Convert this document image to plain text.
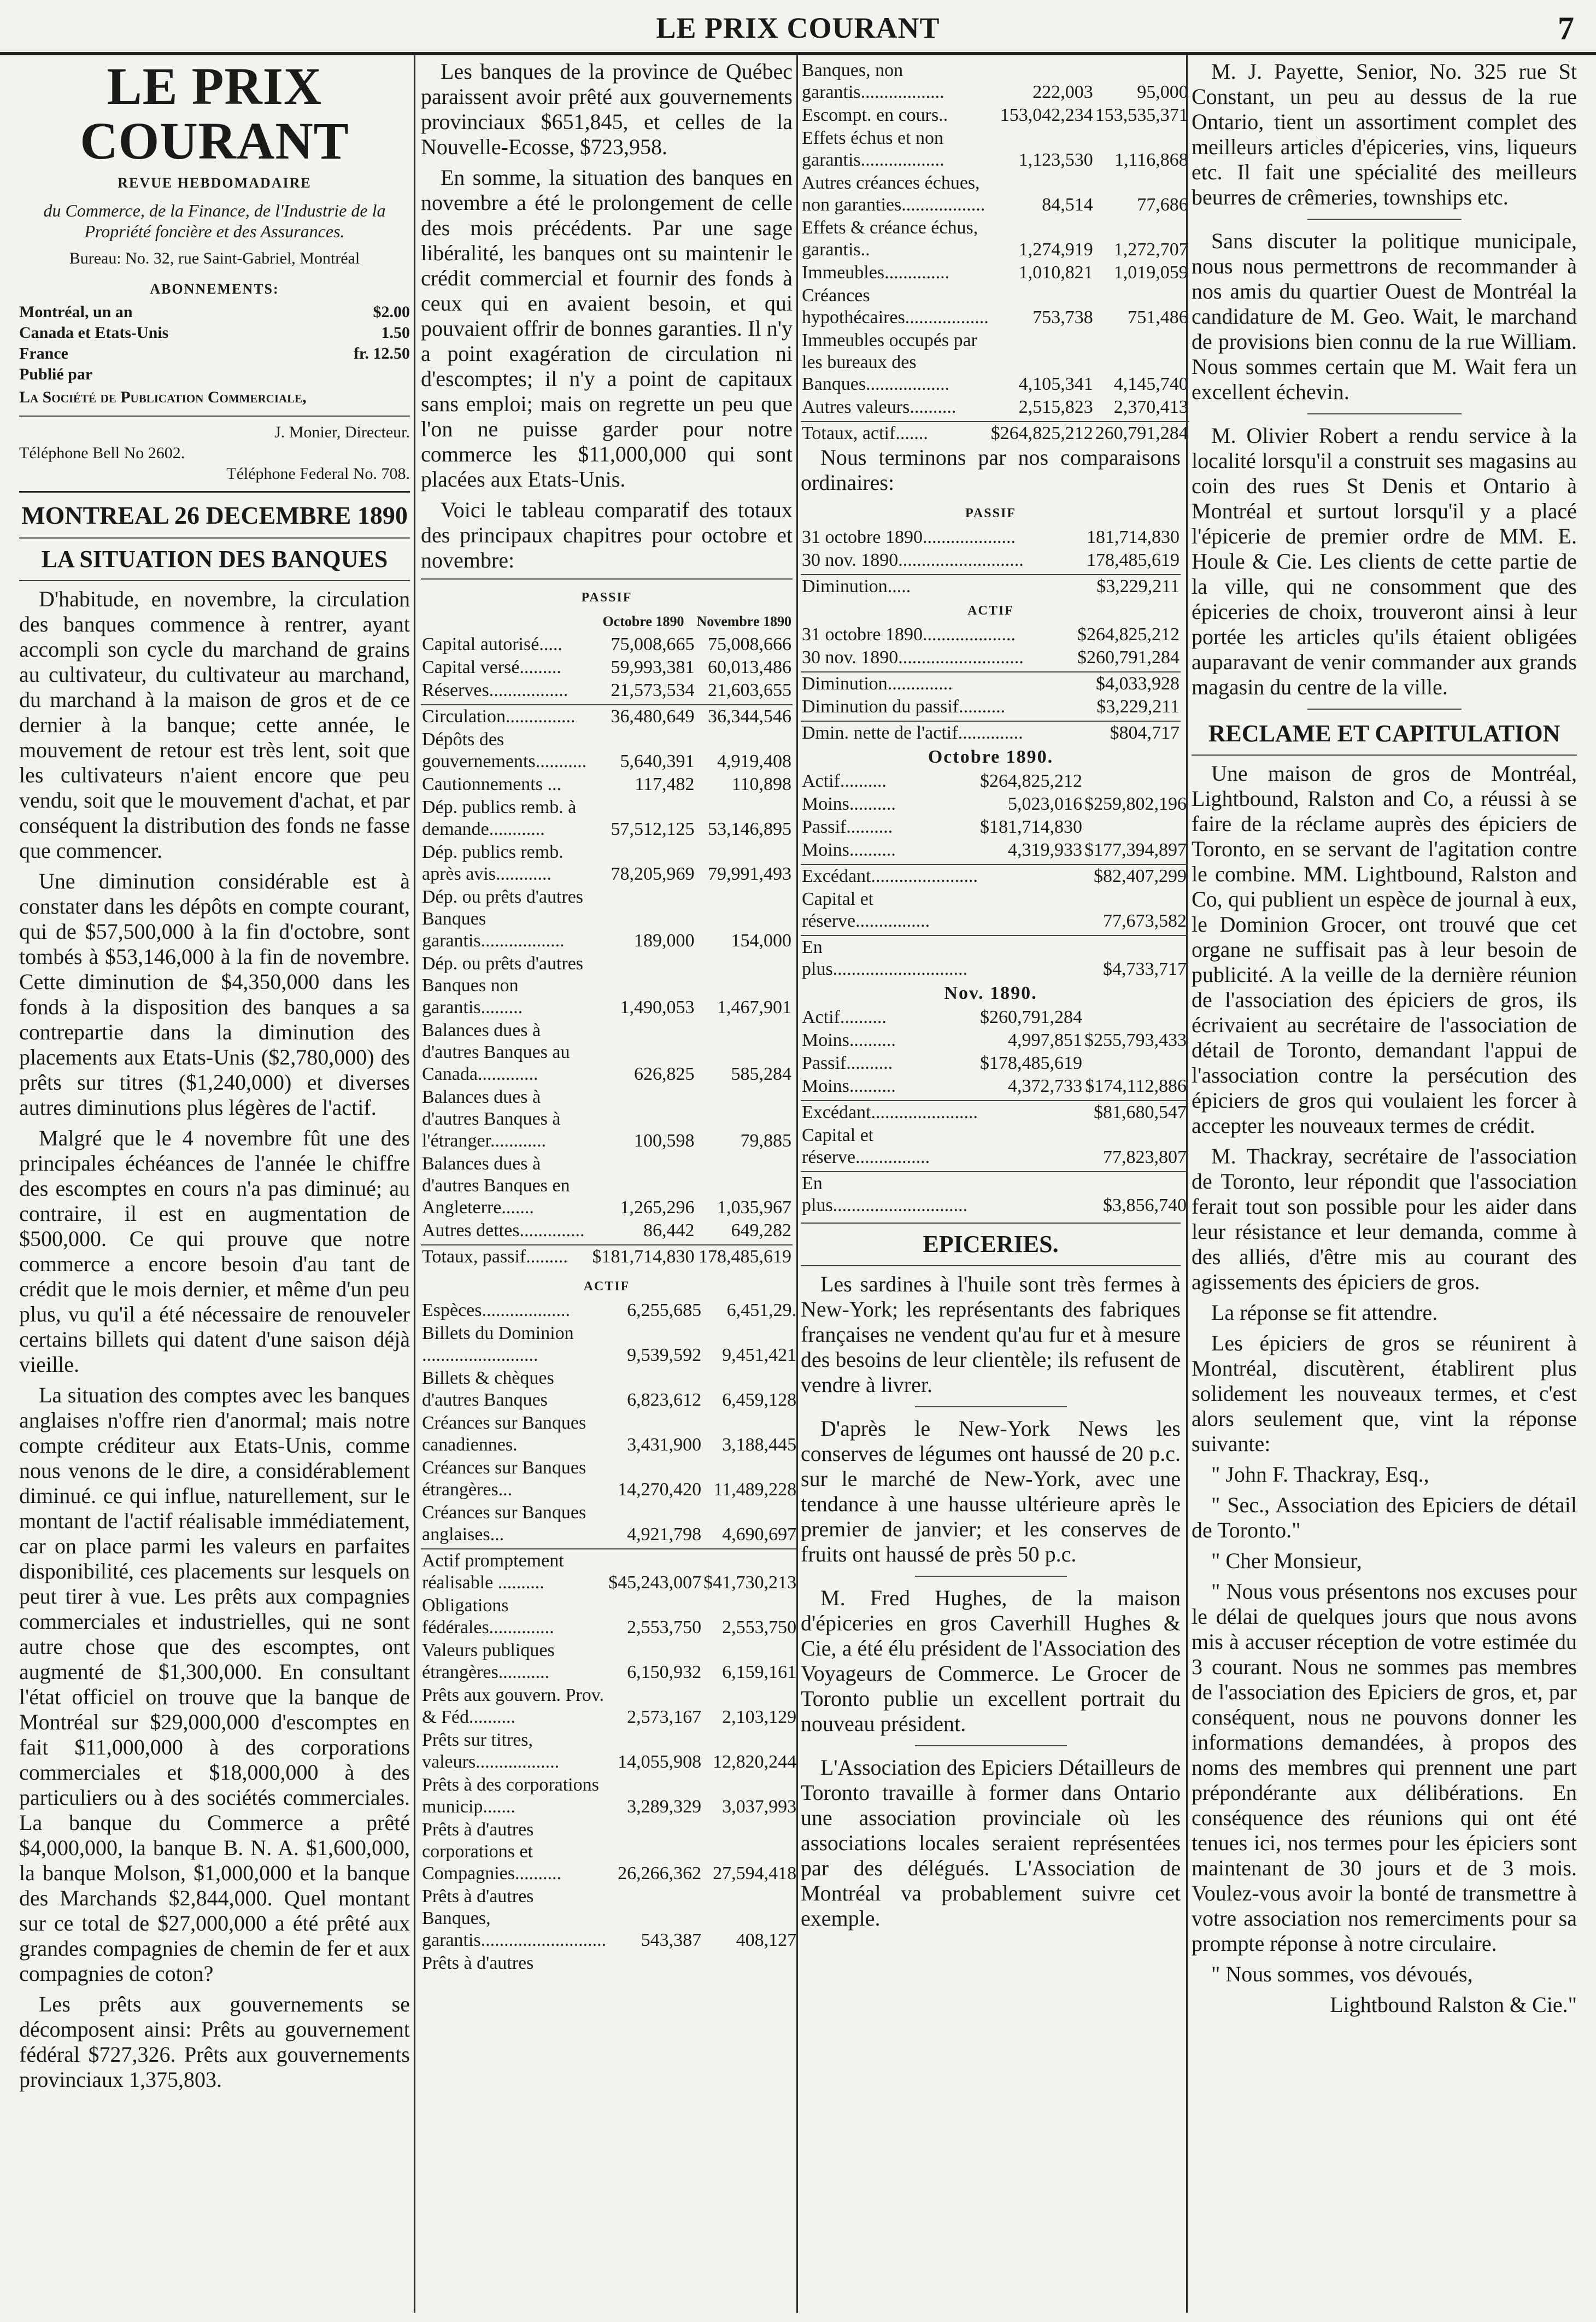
LE PRIX COURANT	7
LE PRIX COURANT
REVUE HEBDOMADAIRE
du Commerce, de la Finance, de l'Industrie de la Propriété foncière et des Assurances.
Bureau: No. 32, rue Saint-Gabriel, Montréal
ABONNEMENTS:
Montréal, un an	$2.00
Canada et Etats-Unis	1.50
France	fr. 12.50
Publié par
La Société de Publication Commerciale,
J. Monier, Directeur.
Téléphone Bell No 2602.
Téléphone Federal No. 708.
MONTREAL 26 DECEMBRE 1890
LA SITUATION DES BANQUES

D'habitude, en novembre, la circulation des banques commence à rentrer, ayant accompli son cycle du marchand de grains au cultivateur, du cultivateur au marchand, du marchand à la maison de gros et de ce dernier à la banque; cette année, le mouvement de retour est très lent, soit que les cultivateurs n'aient encore que peu vendu, soit que le mouvement d'achat, et par conséquent la distribution des fonds ne fasse que commencer.

Une diminution considérable est à constater dans les dépôts en compte courant, qui de $57,500,000 à la fin d'octobre, sont tombés à $53,146,000 à la fin de novembre. Cette diminution de $4,350,000 dans les fonds à la disposition des banques a sa contrepartie dans la diminution des placements aux Etats-Unis ($2,780,000) des prêts sur titres ($1,240,000) et diverses autres diminutions plus légères de l'actif.

Malgré que le 4 novembre fût une des principales échéances de l'année le chiffre des escomptes en cours n'a pas diminué; au contraire, il est en augmentation de $500,000. Ce qui prouve que notre commerce a encore besoin d'au tant de crédit que le mois dernier, et même d'un peu plus, vu qu'il a été nécessaire de renouveler certains billets qui datent d'une saison déjà vieille.

La situation des comptes avec les banques anglaises n'offre rien d'anormal; mais notre compte créditeur aux Etats-Unis, comme nous venons de le dire, a considérablement diminué. ce qui influe, naturellement, sur le montant de l'actif réalisable immédiatement, car on place parmi les valeurs en parfaites disponibilité, ces placements sur lesquels on peut tirer à vue. Les prêts aux compagnies commerciales et industrielles, qui ne sont autre chose que des escomptes, ont augmenté de $1,300,000. En consultant l'état officiel on trouve que la banque de Montréal sur $29,000,000 d'escomptes en fait $11,000,000 à des corporations commerciales et $18,000,000 à des particuliers ou à des sociétés commerciales. La banque du Commerce a prêté $4,000,000, la banque B. N. A. $1,600,000, la banque Molson, $1,000,000 et la banque des Marchands $2,844,000. Quel montant sur ce total de $27,000,000 a été prêté aux grandes compagnies de chemin de fer et aux compagnies de coton?

Les prêts aux gouvernements se décomposent ainsi: Prêts au gouvernement fédéral $727,326. Prêts aux gouvernements provinciaux 1,375,803.

Les banques de la province de Québec paraissent avoir prêté aux gouvernements provinciaux $651,845, et celles de la Nouvelle-Ecosse, $723,958.

En somme, la situation des banques en novembre a été le prolongement de celle des mois précédents. Par une sage libéralité, les banques ont su maintenir le crédit commercial et fournir des fonds à ceux qui en avaient besoin, et qui pouvaient offrir de bonnes garanties. Il n'y a point exagération de circulation ni d'escomptes; il n'y a point de capitaux sans emploi; mais on regrette un peu que l'on ne puisse garder pour notre commerce les $11,000,000 qui sont placées aux Etats-Unis.

Voici le tableau comparatif des totaux des principaux chapitres pour octobre et novembre:

PASSIF
	Octobre 1890	Novembre 1890
Capital autorisé.....	75,008,665	75,008,666
Capital versé.........	59,993,381	60,013,486
Réserves.................	21,573,534	21,603,655

Circulation...............	36,480,649	36,344,546
Dépôts des gouvernements...........	5,640,391	4,919,408
Cautionnements ...	117,482	110,898
Dép. publics remb. à demande............	57,512,125	53,146,895
Dép. publics remb. après avis............	78,205,969	79,991,493
Dép. ou prêts d'autres Banques garantis..................	189,000	154,000
Dép. ou prêts d'autres Banques non garantis.........	1,490,053	1,467,901
Balances dues à d'autres Banques au Canada.............	626,825	585,284
Balances dues à d'autres Banques à l'étranger............	100,598	79,885
Balances dues à d'autres Banques en Angleterre.......	1,265,296	1,035,967
Autres dettes..............	86,442	649,282

Totaux, passif.........	$181,714,830	178,485,619
ACTIF
Espèces...................	6,255,685	6,451,29.
Billets du Dominion .........................	9,539,592	9,451,421
Billets & chèques d'autres Banques	6,823,612	6,459,128
Créances sur Banques canadiennes.	3,431,900	3,188,445
Créances sur Banques étrangères...	14,270,420	11,489,228
Créances sur Banques anglaises...	4,921,798	4,690,697

Actif promptement réalisable ..........	$45,243,007	$41,730,213
Obligations fédérales..............	2,553,750	2,553,750
Valeurs publiques étrangères...........	6,150,932	6,159,161
Prêts aux gouvern. Prov. & Féd..........	2,573,167	2,103,129
Prêts sur titres, valeurs..................	14,055,908	12,820,244
Prêts à des corporations municip.......	3,289,329	3,037,993
Prêts à d'autres corporations et Compagnies..........	26,266,362	27,594,418
Prêts à d'autres Banques, garantis...........................	543,387	408,127
Prêts à d'autres		
Banques, non garantis..................	222,003	95,000
Escompt. en cours..	153,042,234	153,535,371
Effets échus et non garantis..................	1,123,530	1,116,868
Autres créances échues, non garanties..................	84,514	77,686
Effets & créance échus, garantis..	1,274,919	1,272,707
Immeubles..............	1,010,821	1,019,059
Créances hypothécaires..................	753,738	751,486
Immeubles occupés par les bureaux des Banques..................	4,105,341	4,145,740
Autres valeurs..........	2,515,823	2,370,413

Totaux, actif.......	$264,825,212	260,791,284

Nous terminons par nos comparaisons ordinaires:

PASSIF
31 octobre 1890....................	181,714,830
30 nov. 1890...........................	178,485,619

Diminution.....	$3,229,211
ACTIF
31 octobre 1890....................	$264,825,212
30 nov. 1890...........................	$260,791,284

Diminution..............	$4,033,928
Diminution du passif..........	$3,229,211

Dmin. nette de l'actif..............	$804,717
Octobre 1890.
Actif..........	$264,825,212	
Moins..........	5,023,016	$259,802,196
Passif..........	$181,714,830	
Moins..........	4,319,933	$177,394,897

Excédant.......................		$82,407,299
Capital et réserve................		77,673,582

En plus.............................		$4,733,717
Nov. 1890.
Actif..........	$260,791,284	
Moins..........	4,997,851	$255,793,433
Passif..........	$178,485,619	
Moins..........	4,372,733	$174,112,886

Excédant.......................		$81,680,547
Capital et réserve................		77,823,807

En plus.............................		$3,856,740
EPICERIES.

Les sardines à l'huile sont très fermes à New-York; les représentants des fabriques françaises ne vendent qu'au fur et à mesure des besoins de leur clientèle; ils refusent de vendre à livrer.

D'après le New-York News les conserves de légumes ont haussé de 20 p.c. sur le marché de New-York, avec une tendance à une hausse ultérieure après le premier de janvier; et les conserves de fruits ont haussé de près 50 p.c.

M. Fred Hughes, de la maison d'épiceries en gros Caverhill Hughes & Cie, a été élu président de l'Association des Voyageurs de Commerce. Le Grocer de Toronto publie un excellent portrait du nouveau président.

L'Association des Epiciers Détailleurs de Toronto travaille à former dans Ontario une association provinciale où les associations locales seraient représentées par des délégués. L'Association de Montréal va probablement suivre cet exemple.

M. J. Payette, Senior, No. 325 rue St Constant, un peu au dessus de la rue Ontario, tient un assortiment complet des meilleurs articles d'épiceries, vins, liqueurs etc. Il fait une spécialité des meilleurs beurres de crêmeries, townships etc.

Sans discuter la politique municipale, nous nous permettrons de recommander à nos amis du quartier Ouest de Montréal la candidature de M. Geo. Wait, le marchand de provisions bien connu de la rue William. Nous sommes certain que M. Wait fera un excellent échevin.

M. Olivier Robert a rendu service à la localité lorsqu'il a construit ses magasins au coin des rues St Denis et Ontario à Montréal et surtout lorsqu'il y a placé l'épicerie de premier ordre de MM. E. Houle & Cie. Les clients de cette partie de la ville, qui ne consomment que des épiceries de choix, trouveront ainsi à leur portée les articles qu'ils étaient obligées auparavant de venir commander aux grands magasin du centre de la ville.

RECLAME ET CAPITULATION

Une maison de gros de Montréal, Lightbound, Ralston and Co, a réussi à se faire de la réclame auprès des épiciers de Toronto, en se servant de l'agitation contre le combine. MM. Lightbound, Ralston and Co, qui publient un espèce de journal à eux, le Dominion Grocer, ont trouvé que cet organe ne suffisait pas à leur besoin de publicité. A la veille de la dernière réunion de l'association des épiciers de gros, ils écrivaient au secrétaire de l'association de détail de Toronto, demandant l'appui de l'association contre la persécution des épiciers de gros qui voulaient les forcer à accepter les nouveaux termes de crédit.

M. Thackray, secrétaire de l'association de Toronto, leur répondit que l'association ferait tout son possible pour les aider dans leur résistance et leur demanda, comme à des alliés, d'être mis au courant des agissements des épiciers de gros.

La réponse se fit attendre.

Les épiciers de gros se réunirent à Montréal, discutèrent, établirent plus solidement les nouveaux termes, et c'est alors seulement que, vint la réponse suivante:

" John F. Thackray, Esq.,

" Sec., Association des Epiciers de détail de Toronto."

" Cher Monsieur,

" Nous vous présentons nos excuses pour le délai de quelques jours que nous avons mis à accuser réception de votre estimée du 3 courant. Nous ne sommes pas membres de l'association des Epiciers de gros, et, par conséquent, nous ne pouvons donner les informations demandées, à propos des noms des membres qui prennent une part prépondérante aux délibérations. En conséquence des réunions qui ont été tenues ici, nos termes pour les épiciers sont maintenant de 30 jours et de 3 mois. Voulez-vous avoir la bonté de transmettre à votre association nos remerciments pour sa prompte réponse à notre circulaire.

" Nous sommes, vos dévoués,

Lightbound Ralston & Cie."
